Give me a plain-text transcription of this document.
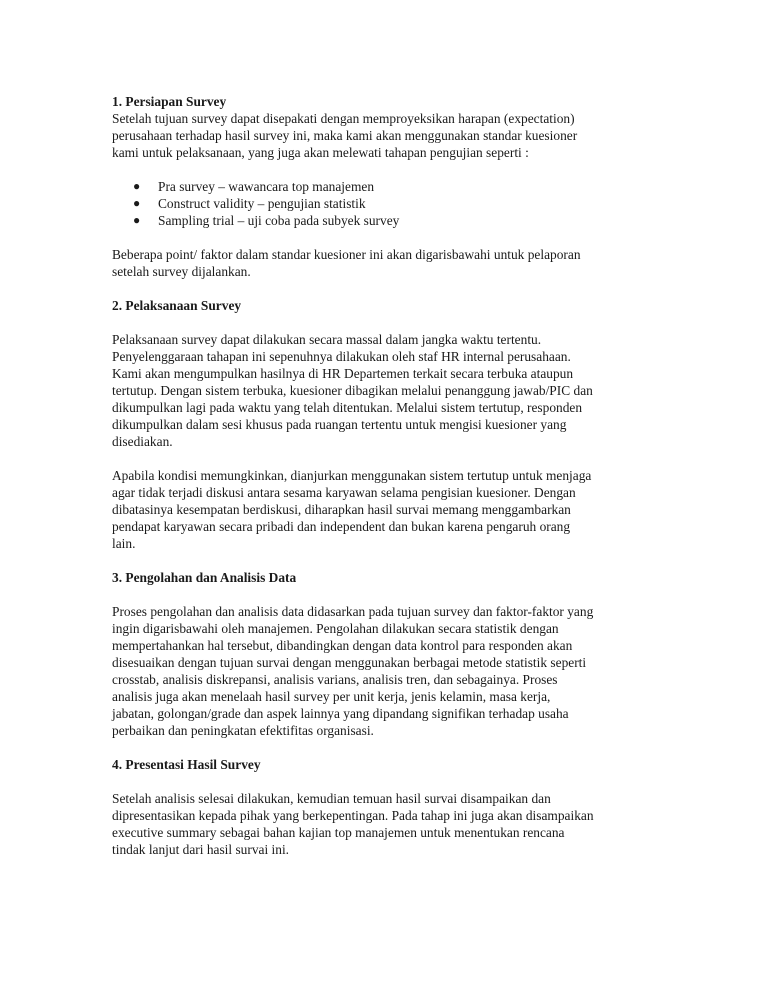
1. Persiapan Survey

Setelah tujuan survey dapat disepakati dengan memproyeksikan harapan (expectation)
perusahaan terhadap hasil survey ini, maka kami akan menggunakan standar kuesioner
kami untuk pelaksanaan, yang juga akan melewati tahapan pengujian seperti :

● Pra survey – wawancara top manajemen
● Construct validity – pengujian statistik
● Sampling trial – uji coba pada subyek survey

Beberapa point/ faktor dalam standar kuesioner ini akan digarisbawahi untuk pelaporan
setelah survey dijalankan.

2. Pelaksanaan Survey

Pelaksanaan survey dapat dilakukan secara massal dalam jangka waktu tertentu.
Penyelenggaraan tahapan ini sepenuhnya dilakukan oleh staf HR internal perusahaan.
Kami akan mengumpulkan hasilnya di HR Departemen terkait secara terbuka ataupun
tertutup. Dengan sistem terbuka, kuesioner dibagikan melalui penanggung jawab/PIC dan
dikumpulkan lagi pada waktu yang telah ditentukan. Melalui sistem tertutup, responden
dikumpulkan dalam sesi khusus pada ruangan tertentu untuk mengisi kuesioner yang
disediakan.

Apabila kondisi memungkinkan, dianjurkan menggunakan sistem tertutup untuk menjaga
agar tidak terjadi diskusi antara sesama karyawan selama pengisian kuesioner. Dengan
dibatasinya kesempatan berdiskusi, diharapkan hasil survai memang menggambarkan
pendapat karyawan secara pribadi dan independent dan bukan karena pengaruh orang
lain.

3. Pengolahan dan Analisis Data

Proses pengolahan dan analisis data didasarkan pada tujuan survey dan faktor-faktor yang
ingin digarisbawahi oleh manajemen. Pengolahan dilakukan secara statistik dengan
mempertahankan hal tersebut, dibandingkan dengan data kontrol para responden akan
disesuaikan dengan tujuan survai dengan menggunakan berbagai metode statistik seperti
crosstab, analisis diskrepansi, analisis varians, analisis tren, dan sebagainya. Proses
analisis juga akan menelaah hasil survey per unit kerja, jenis kelamin, masa kerja,
jabatan, golongan/grade dan aspek lainnya yang dipandang signifikan terhadap usaha
perbaikan dan peningkatan efektifitas organisasi.

4. Presentasi Hasil Survey

Setelah analisis selesai dilakukan, kemudian temuan hasil survai disampaikan dan
dipresentasikan kepada pihak yang berkepentingan. Pada tahap ini juga akan disampaikan
executive summary sebagai bahan kajian top manajemen untuk menentukan rencana
tindak lanjut dari hasil survai ini.
